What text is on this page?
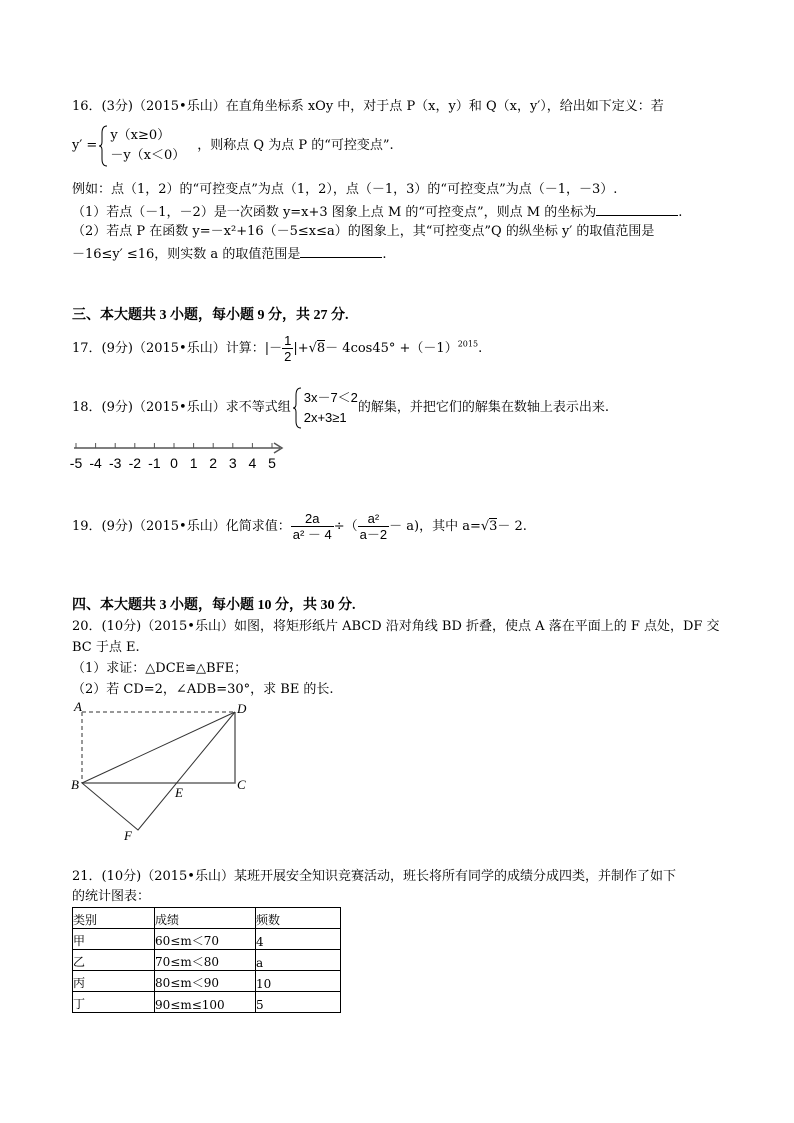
16．(3分)（2015•乐山）在直角坐标系 xOy 中，对于点 P（x，y）和 Q（x，y′），给出如下定义：若
y′ =
y（x≥0）
－y（x＜0）
，则称点 Q 为点 P 的“可控变点”.
例如：点（1，2）的“可控变点”为点（1，2），点（－1，3）的“可控变点”为点（－1，－3）.
（1）若点（－1，－2）是一次函数 y=x+3 图象上点 M 的“可控变点”，则点 M 的坐标为	.
（2）若点 P 在函数 y=－x²+16（－5≤x≤a）的图象上，其“可控变点”Q 的纵坐标 y′ 的取值范围是
－16≤y′ ≤16，则实数 a 的取值范围是	.
三、本大题共 3 小题，每小题 9 分，共 27 分.
17．(9分)（2015•乐山）计算：|－ $\frac{1}{2} |+√8- 4\cos 45^\circ +(-1)^{2015}$.
18．(9分)（2015•乐山）求不等式组
3x－7＜2
2x+3≥1
的解集，并把它们的解集在数轴上表示出来.
-5 -4 -3 -2 -1 0 1 2 3 4 5
19．(9分)（2015•乐山）化简求值： $\frac{2a}{\text{a² － 4}}$ ÷（ $\frac{\text{a²}}{a-2} - a$)，其中 a=√3－ 2.
四、本大题共 3 小题，每小题 10 分，共 30 分.
20．(10分)（2015•乐山）如图，将矩形纸片 ABCD 沿对角线 BD 折叠，使点 A 落在平面上的 F 点处，DF 交
BC 于点 E.
（1）求证：△DCE≌△BFE；
（2）若 CD=2，∠ADB=30°，求 BE 的长.
A	D
B	C
E
F
21．(10分)（2015•乐山）某班开展安全知识竞赛活动，班长将所有同学的成绩分成四类，并制作了如下
的统计图表：
类别	成绩	频数
甲	60≤m＜70	4
乙	70≤m＜80	a
丙	80≤m＜90	10
丁	90≤m≤100	5
